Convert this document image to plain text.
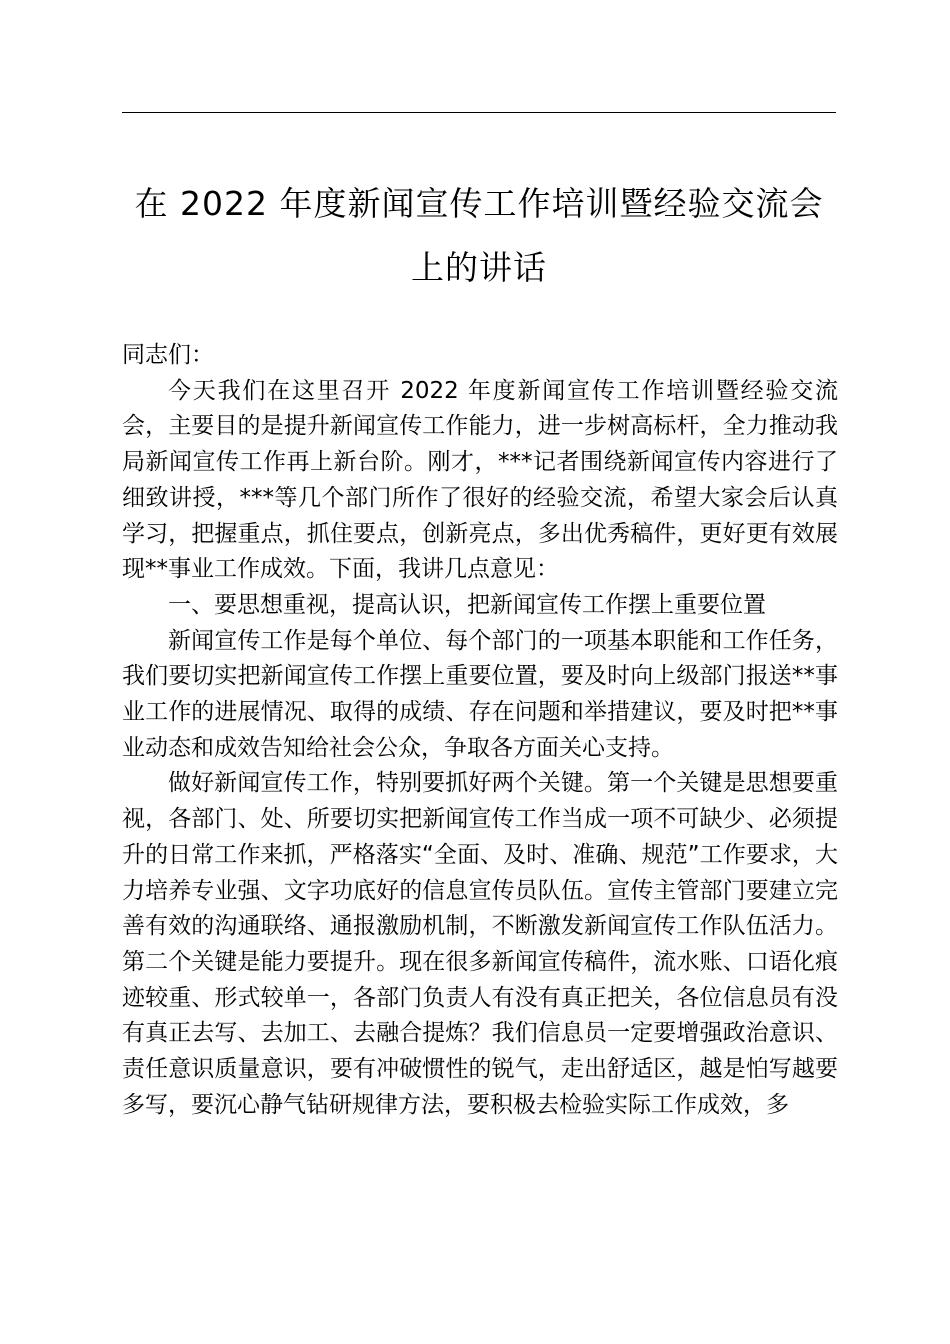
在 2022 年度新闻宣传工作培训暨经验交流会
上的讲话

同志们：

今天我们在这里召开 2022 年度新闻宣传工作培训暨经验交流会，主要目的是提升新闻宣传工作能力，进一步树高标杆，全力推动我局新闻宣传工作再上新台阶。刚才，***记者围绕新闻宣传内容进行了细致讲授，***等几个部门所作了很好的经验交流，希望大家会后认真学习，把握重点，抓住要点，创新亮点，多出优秀稿件，更好更有效展现**事业工作成效。下面，我讲几点意见：

一、要思想重视，提高认识，把新闻宣传工作摆上重要位置

新闻宣传工作是每个单位、每个部门的一项基本职能和工作任务，我们要切实把新闻宣传工作摆上重要位置，要及时向上级部门报送**事业工作的进展情况、取得的成绩、存在问题和举措建议，要及时把**事业动态和成效告知给社会公众，争取各方面关心支持。

做好新闻宣传工作，特别要抓好两个关键。第一个关键是思想要重视，各部门、处、所要切实把新闻宣传工作当成一项不可缺少、必须提升的日常工作来抓，严格落实“全面、及时、准确、规范”工作要求，大力培养专业强、文字功底好的信息宣传员队伍。宣传主管部门要建立完善有效的沟通联络、通报激励机制，不断激发新闻宣传工作队伍活力。第二个关键是能力要提升。现在很多新闻宣传稿件，流水账、口语化痕迹较重、形式较单一，各部门负责人有没有真正把关，各位信息员有没有真正去写、去加工、去融合提炼？我们信息员一定要增强政治意识、责任意识质量意识，要有冲破惯性的锐气，走出舒适区，越是怕写越要多写，要沉心静气钻研规律方法，要积极去检验实际工作成效，多
